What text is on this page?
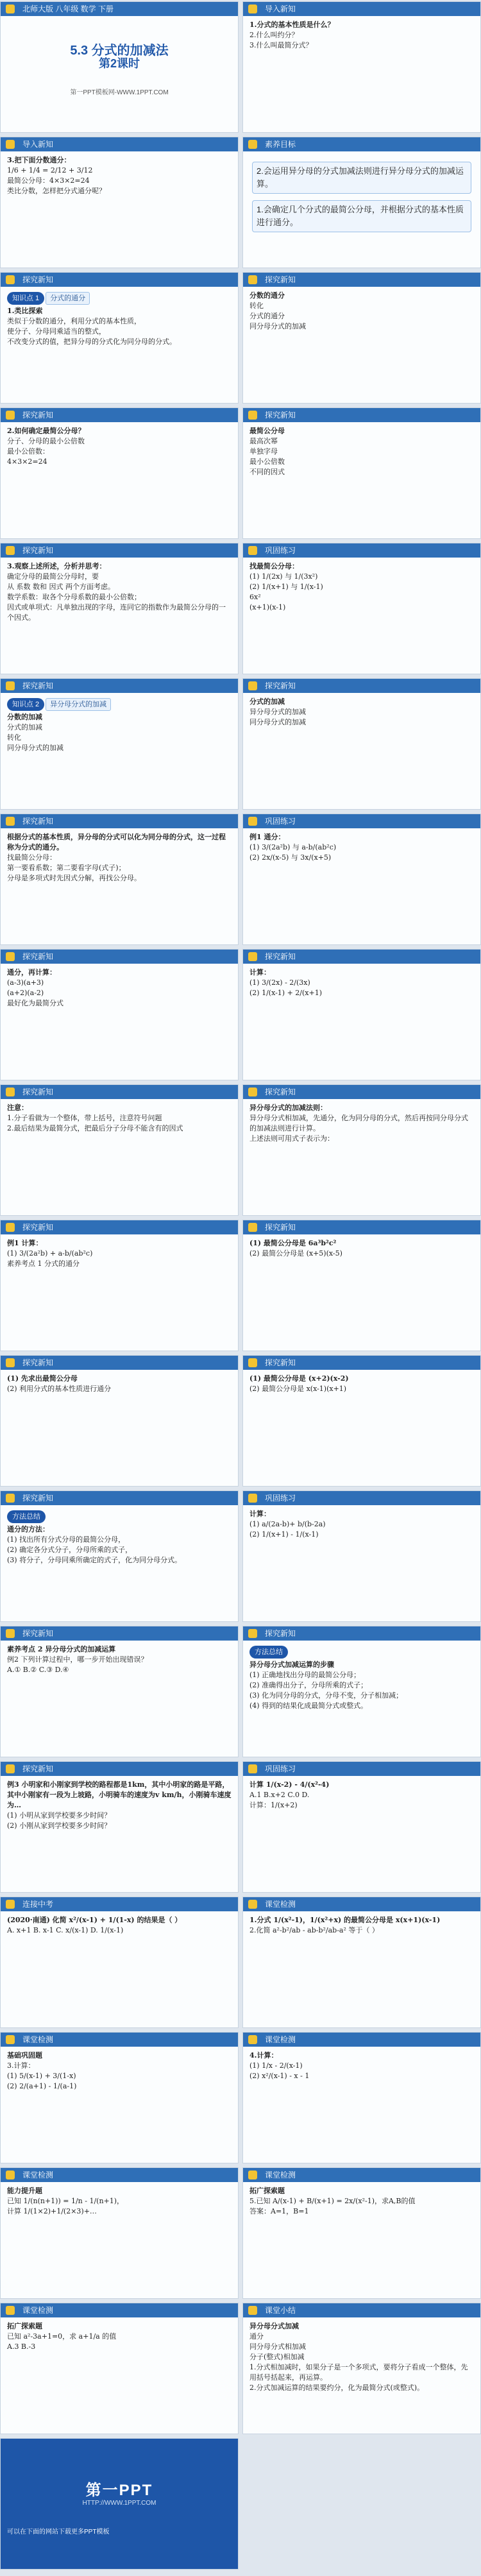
北师大版 八年级 数学 下册
5.3 分式的加减法
第2课时
第一PPT模板网-WWW.1PPT.COM
导入新知
1.分式的基本性质是什么？
2.什么叫约分？
3.什么叫最简分式？
导入新知
3.把下面分数通分：
1/6 + 1/4 = 2/12 + 3/12
最简公分母：4×3×2=24
类比分数，怎样把分式通分呢？
素养目标
2.会运用异分母的分式加减法则进行异分母分式的加减运算。
1.会确定几个分式的最简公分母，并根据分式的基本性质进行通分。
探究新知
知识点 1 分式的通分
1.类比探索
类似于分数的通分，利用分式的基本性质，
使分子、分母同乘适当的整式，
不改变分式的值，把异分母的分式化为同分母的分式。
探究新知
分数的通分
转化
分式的通分
同分母分式的加减
探究新知
2.如何确定最简公分母？
分子、分母的最小公倍数
最小公倍数：
4×3×2=24
探究新知
最简公分母
最高次幂
单独字母
最小公倍数
不同的因式
探究新知
3.观察上述所述，分析并思考：
确定分母的最简公分母时，要
从 系数 数和 因式 两个方面考虑。
数学系数：取各个分母系数的最小公倍数；
因式或单项式：凡单独出现的字母，连同它的指数作为最简公分母的一个因式。
巩固练习
找最简公分母：
(1) 1/(2x) 与 1/(3x²)
(2) 1/(x+1) 与 1/(x-1)
6x²
(x+1)(x-1)
探究新知
知识点 2 异分母分式的加减
分数的加减
分式的加减
转化
同分母分式的加减
探究新知
分式的加减
异分母分式的加减
同分母分式的加减
探究新知
根据分式的基本性质，异分母的分式可以化为同分母的分式，这一过程称为分式的通分。
找最简公分母：
第一要看系数；第二要看字母(式子)；
分母是多项式时先因式分解，再找公分母。
巩固练习
例1 通分：
(1) 3/(2a²b) 与 a-b/(ab²c)
(2) 2x/(x-5) 与 3x/(x+5)
探究新知
通分，再计算：
(a-3)(a+3)
(a+2)(a-2)
最好化为最简分式
探究新知
计算：
(1) 3/(2x) - 2/(3x)
(2) 1/(x-1) + 2/(x+1)
探究新知
注意：
1.分子看做为一个整体，带上括号，注意符号问题
2.最后结果为最简分式，把最后分子分母不能含有的因式
探究新知
异分母分式的加减法则：
异分母分式相加减，先通分，化为同分母的分式，然后再按同分母分式的加减法则进行计算。
上述法则可用式子表示为：
探究新知
例1 计算：
(1) 3/(2a²b) + a-b/(ab²c)
素养考点 1 分式的通分
探究新知
(1) 最简公分母是 6a³b²c²
(2) 最简公分母是 (x+5)(x-5)
探究新知
(1) 先求出最简公分母
(2) 利用分式的基本性质进行通分
探究新知
(1) 最简公分母是 (x+2)(x-2)
(2) 最简公分母是 x(x-1)(x+1)
探究新知
方法总结
通分的方法：
(1) 找出所有分式分母的最简公分母，
(2) 确定各分式分子，分母所乘的式子，
(3) 将分子，分母同乘所确定的式子，化为同分母分式。
巩固练习
计算：
(1) a/(2a-b)+ b/(b-2a)
(2) 1/(x+1) - 1/(x-1)
探究新知
素养考点 2 异分母分式的加减运算
例2 下列计算过程中，哪一步开始出现错误？
A.① B.② C.③ D.④
探究新知
方法总结
异分母分式加减运算的步骤
(1) 正确地找出分母的最简公分母；
(2) 准确得出分子，分母所乘的式子；
(3) 化为同分母的分式，分母不变，分子相加减；
(4) 得到的结果化成最简分式或整式。
探究新知
例3 小明家和小刚家到学校的路程都是1km，其中小明家的路是平路，其中小刚家有一段为上坡路，小明骑车的速度为v km/h，小刚骑车速度为…
(1) 小明从家到学校要多少时间？
(2) 小刚从家到学校要多少时间？
巩固练习
计算 1/(x-2) - 4/(x²-4)
A.1 B.x+2 C.0 D.
计算：1/(x+2)
连接中考
(2020·南通) 化简 x²/(x-1) + 1/(1-x) 的结果是（ ）
A. x+1 B. x-1 C. x/(x-1) D. 1/(x-1)
课堂检测
1.分式 1/(x²-1)，1/(x²+x) 的最简公分母是 x(x+1)(x-1)
2.化简 a²-b²/ab - ab-b²/ab-a² 等于（ ）
课堂检测
基础巩固题
3.计算：
(1) 5/(x-1) + 3/(1-x)
(2) 2/(a+1) - 1/(a-1)
课堂检测
4.计算：
(1) 1/x - 2/(x-1)
(2) x²/(x-1) - x - 1
课堂检测
能力提升题
已知 1/(n(n+1)) = 1/n - 1/(n+1)，
计算 1/(1×2)+1/(2×3)+…
课堂检测
拓广探索题
5.已知 A/(x-1) + B/(x+1) = 2x/(x²-1)，求A,B的值
答案：A=1，B=1
课堂检测
拓广探索题
已知 a²-3a+1=0，求 a+1/a 的值
A.3 B.-3
课堂小结
异分母分式加减
通分
同分母分式相加减
分子(整式)相加减
1.分式相加减时，如果分子是一个多项式，要将分子看成一个整体，先用括号括起来，再运算。
2.分式加减运算的结果要约分，化为最简分式(或整式)。
第一PPT
HTTP://WWW.1PPT.COM
可以在下面的网站下载更多PPT模板
